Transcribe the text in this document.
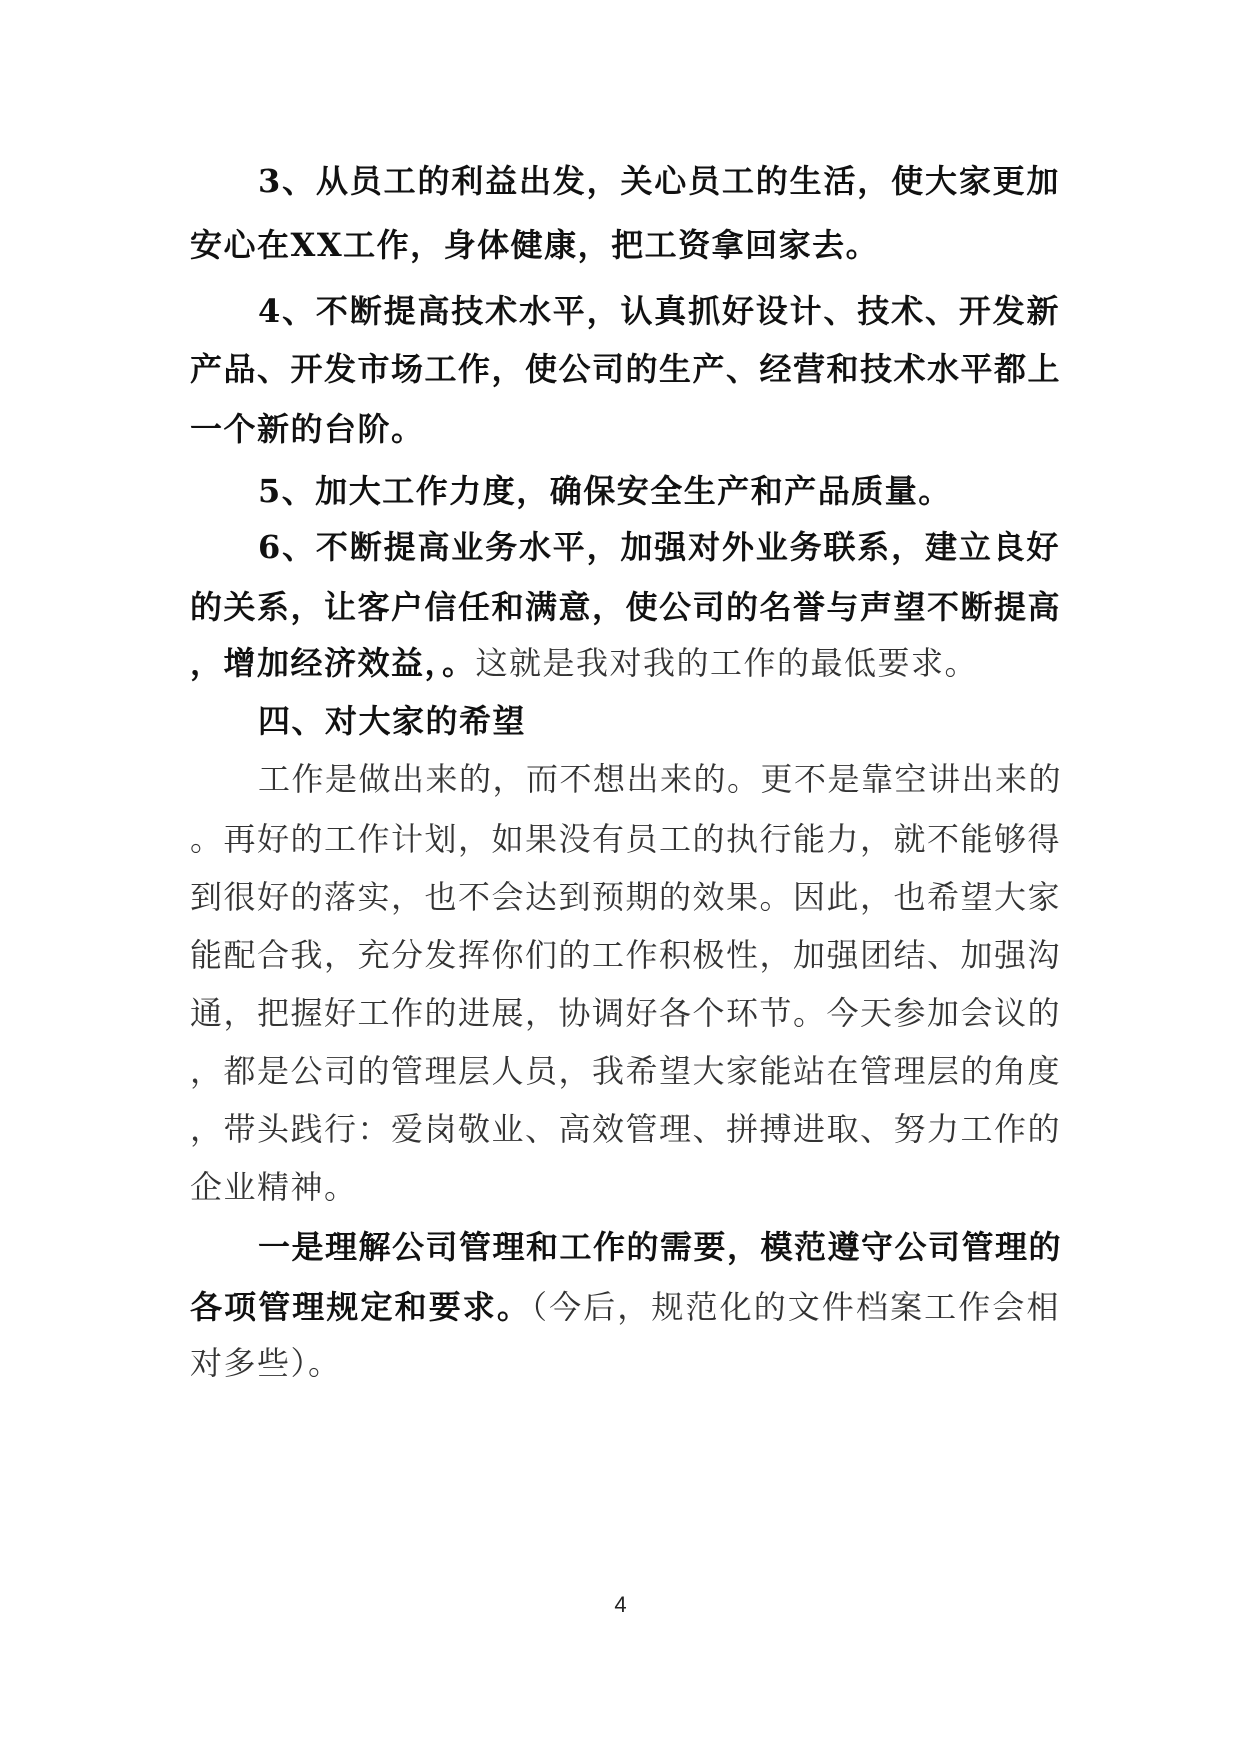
3、从员工的利益出发，关心员工的生活，使大家更加
安心在XX工作，身体健康，把工资拿回家去。
4、不断提高技术水平，认真抓好设计、技术、开发新
产品、开发市场工作，使公司的生产、经营和技术水平都上
一个新的台阶。
5、加大工作力度，确保安全生产和产品质量。
6、不断提高业务水平，加强对外业务联系，建立良好
的关系，让客户信任和满意，使公司的名誉与声望不断提高
，增加经济效益，。这就是我对我的工作的最低要求。
四、对大家的希望
工作是做出来的，而不想出来的。更不是靠空讲出来的
。再好的工作计划，如果没有员工的执行能力，就不能够得
到很好的落实，也不会达到预期的效果。因此，也希望大家
能配合我，充分发挥你们的工作积极性，加强团结、加强沟
通，把握好工作的进展，协调好各个环节。今天参加会议的
，都是公司的管理层人员，我希望大家能站在管理层的角度
，带头践行：爱岗敬业、高效管理、拼搏进取、努力工作的
企业精神。
一是理解公司管理和工作的需要，模范遵守公司管理的
各项管理规定和要求。（今后，规范化的文件档案工作会相
对多些）。
4
